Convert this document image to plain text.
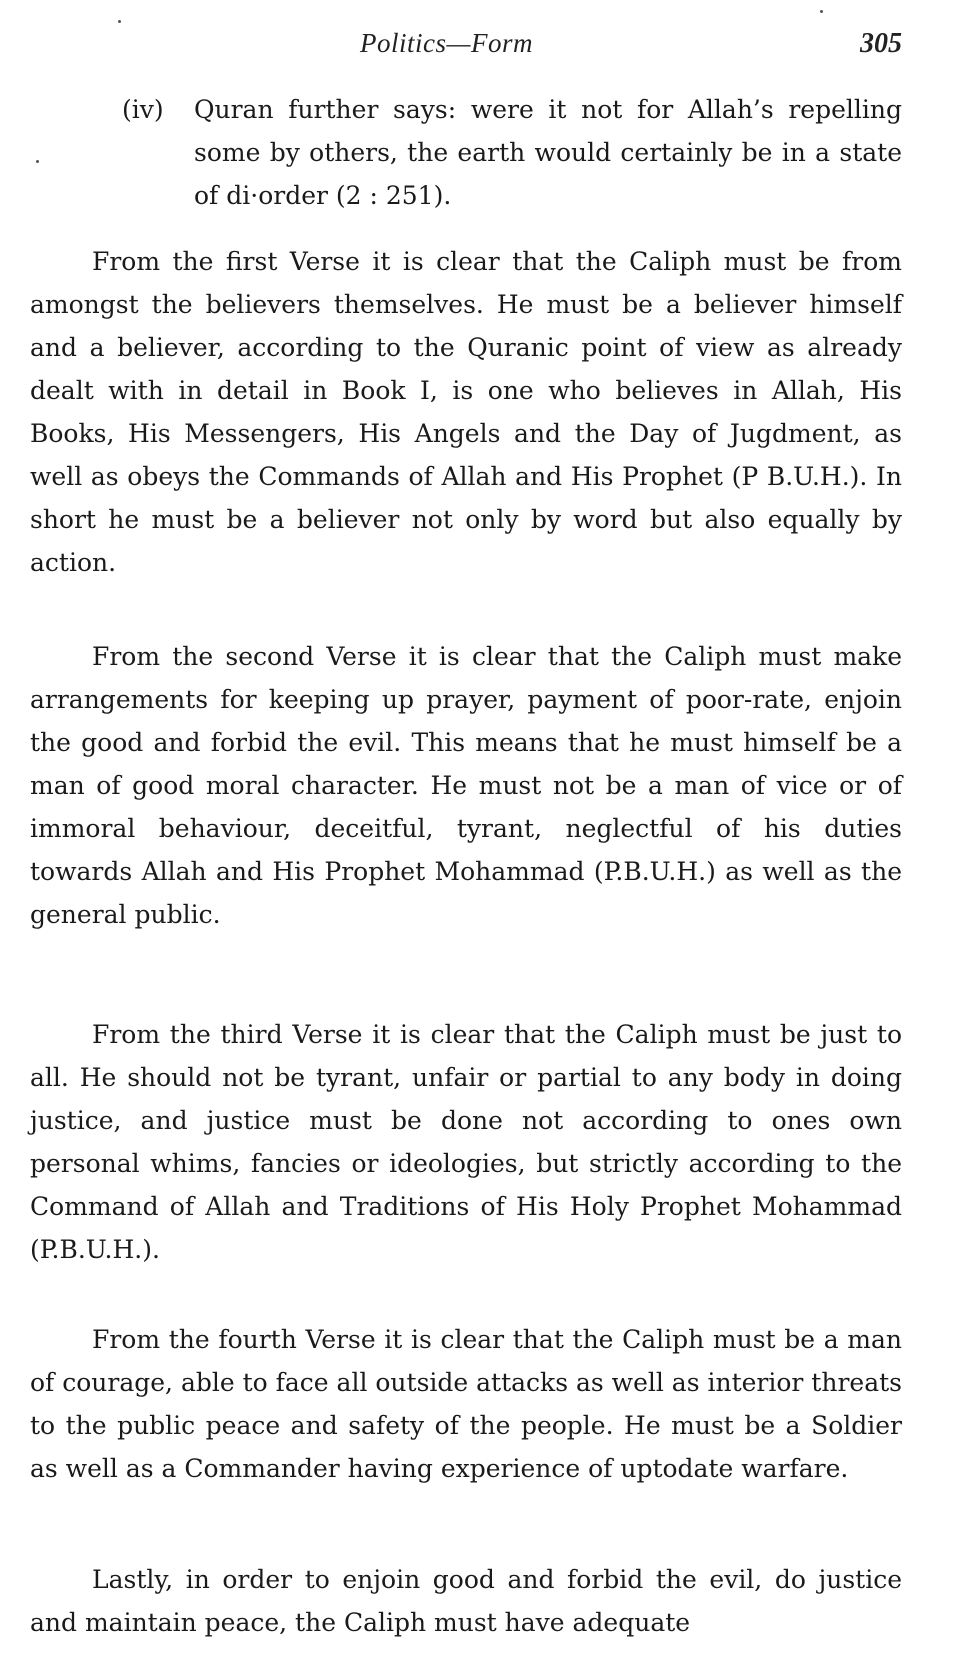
Politics—Form	305
(iv) Quran further says: were it not for Allah’s repelling some by others, the earth would certainly be in a state of di·order (2 : 251).

From the first Verse it is clear that the Caliph must be from amongst the believers themselves. He must be a believer himself and a believer, according to the Quranic point of view as already dealt with in detail in Book I, is one who believes in Allah, His Books, His Messengers, His Angels and the Day of Jugdment, as well as obeys the Commands of Allah and His Prophet (P B.U.H.). In short he must be a believer not only by word but also equally by action.

From the second Verse it is clear that the Caliph must make arrangements for keeping up prayer, payment of poor-rate, enjoin the good and forbid the evil. This means that he must himself be a man of good moral character. He must not be a man of vice or of immoral behaviour, deceitful, tyrant, neglectful of his duties towards Allah and His Prophet Mohammad (P.B.U.H.) as well as the general public.

From the third Verse it is clear that the Caliph must be just to all. He should not be tyrant, unfair or partial to any body in doing justice, and justice must be done not according to ones own personal whims, fancies or ideologies, but strictly according to the Command of Allah and Traditions of His Holy Prophet Mohammad (P.B.U.H.).

From the fourth Verse it is clear that the Caliph must be a man of courage, able to face all outside attacks as well as interior threats to the public peace and safety of the people. He must be a Soldier as well as a Commander having experience of uptodate warfare.

Lastly, in order to enjoin good and forbid the evil, do justice and maintain peace, the Caliph must have adequate
